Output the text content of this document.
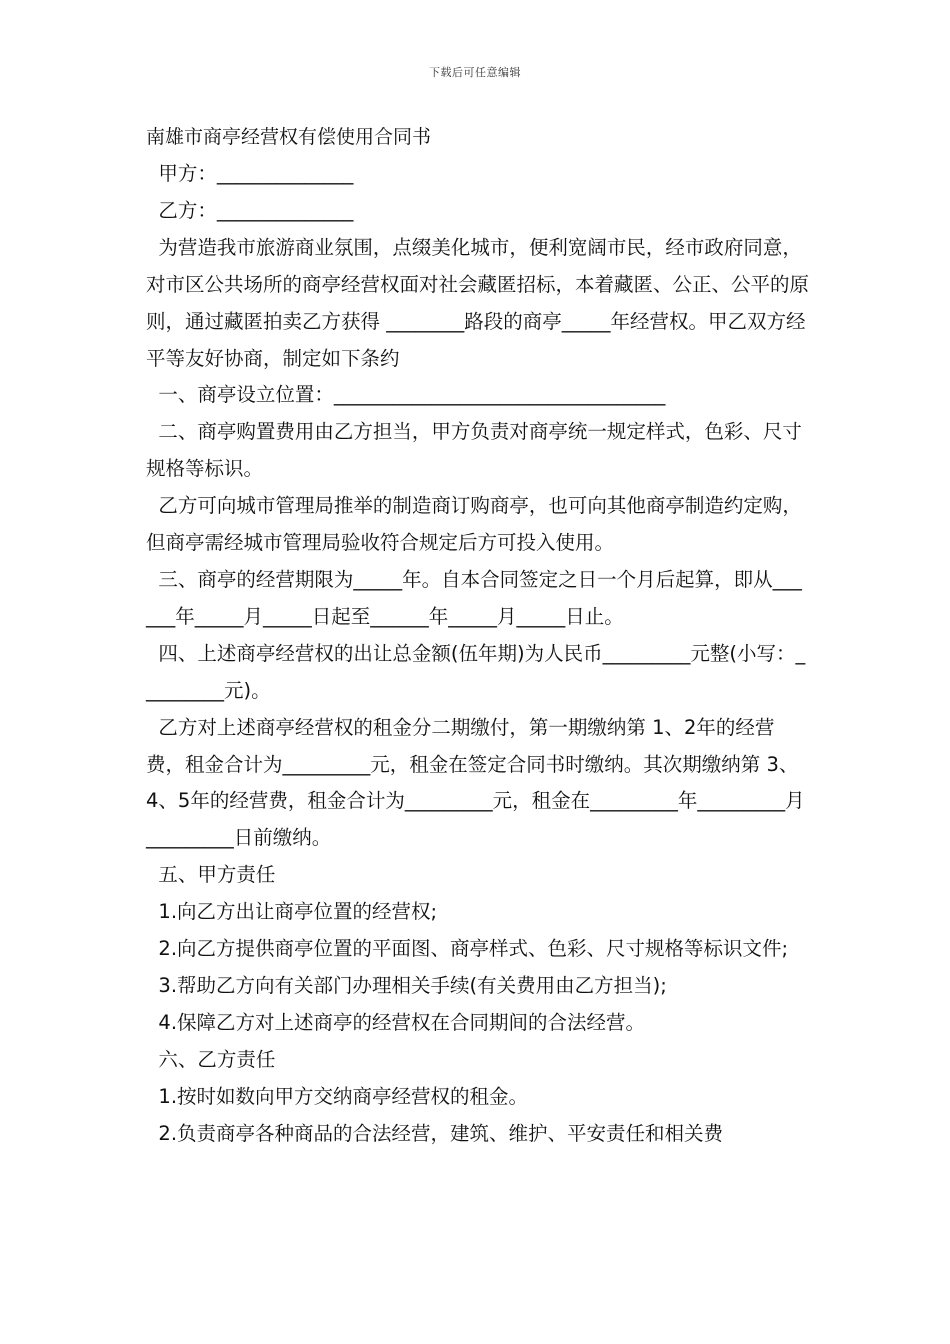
下载后可任意编辑
南雄市商亭经营权有偿使用合同书

甲方：______________

乙方：______________

为营造我市旅游商业氛围，点缀美化城市，便利宽阔市民，经市政府同意，对市区公共场所的商亭经营权面对社会藏匿招标，本着藏匿、公正、公平的原则，通过藏匿拍卖乙方获得 ________路段的商亭_____年经营权。甲乙双方经平等友好协商，制定如下条约

一、商亭设立位置：__________________________________

二、商亭购置费用由乙方担当，甲方负责对商亭统一规定样式，色彩、尺寸规格等标识。

乙方可向城市管理局推举的制造商订购商亭，也可向其他商亭制造约定购，但商亭需经城市管理局验收符合规定后方可投入使用。

三、商亭的经营期限为_____年。自本合同签定之日一个月后起算，即从______年_____月_____日起至______年_____月_____日止。

四、上述商亭经营权的出让总金额(伍年期)为人民币_________元整(小写：_________元)。

乙方对上述商亭经营权的租金分二期缴付，第一期缴纳第 1、2年的经营费，租金合计为_________元，租金在签定合同书时缴纳。其次期缴纳第 3、4、5年的经营费，租金合计为_________元，租金在_________年_________月_________日前缴纳。

五、甲方责任

1.向乙方出让商亭位置的经营权;

2.向乙方提供商亭位置的平面图、商亭样式、色彩、尺寸规格等标识文件;

3.帮助乙方向有关部门办理相关手续(有关费用由乙方担当);

4.保障乙方对上述商亭的经营权在合同期间的合法经营。

六、乙方责任

1.按时如数向甲方交纳商亭经营权的租金。

2.负责商亭各种商品的合法经营，建筑、维护、平安责任和相关费
